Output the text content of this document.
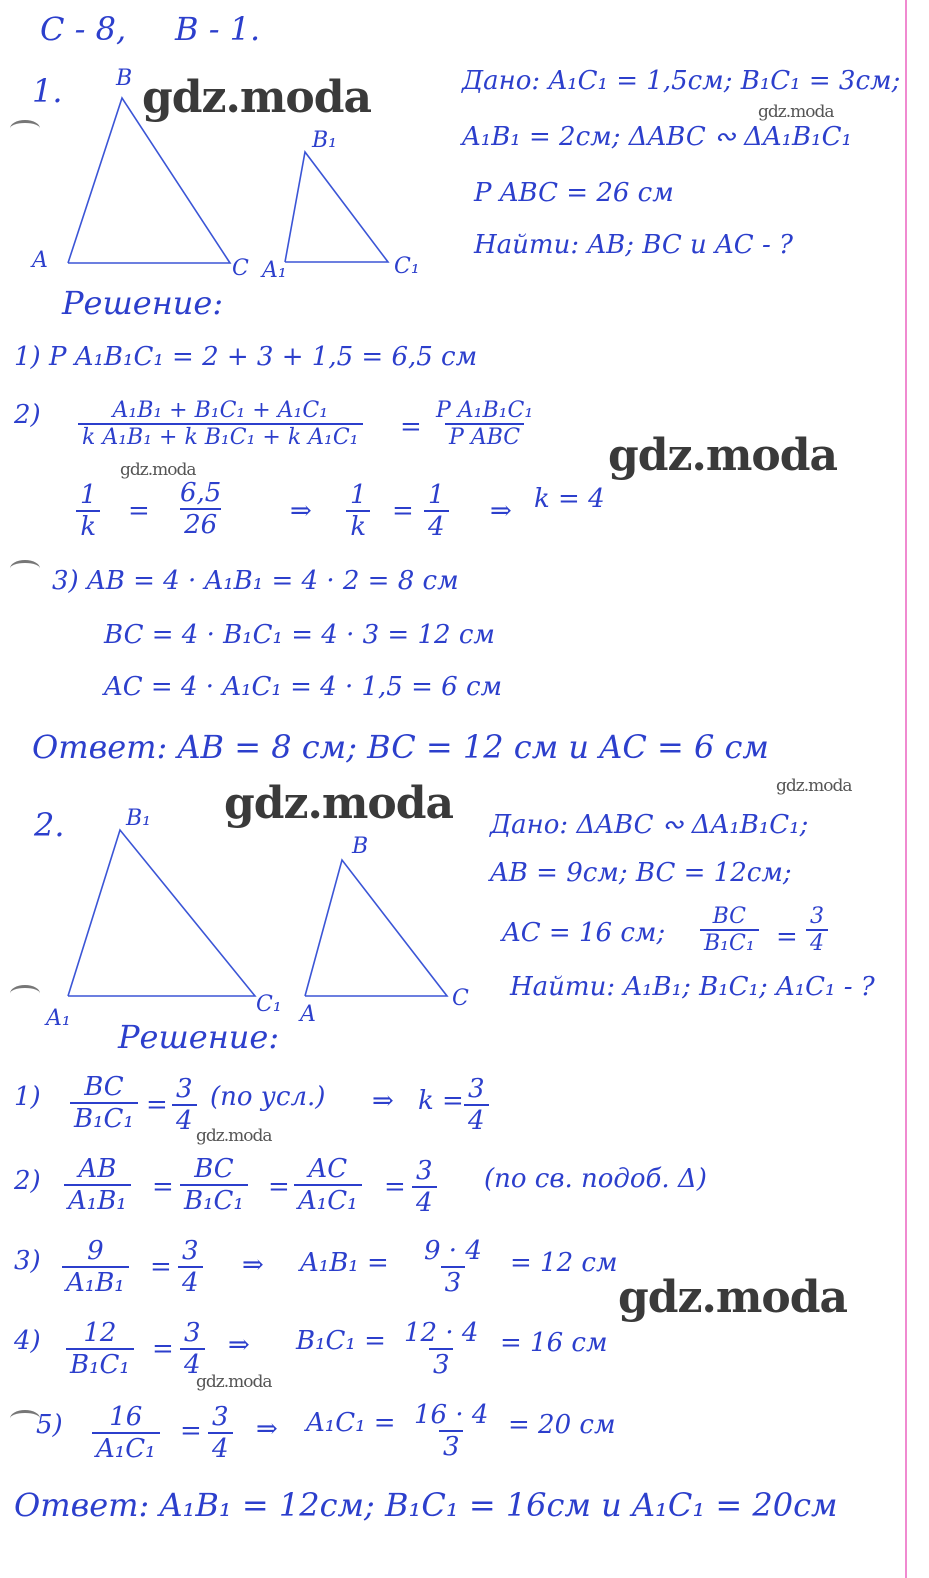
С - 8, В - 1.
1. B
A	C
B₁
A₁	C₁
Дано: A₁C₁ = 1,5см; B₁C₁ = 3см;
A₁B₁ = 2см; ΔABC ∾ ΔA₁B₁C₁
P ABC = 26 см
Найти: AB; BC и AC - ?
Решение:
1) P A₁B₁C₁ = 2 + 3 + 1,5 = 6,5 см
$2) \frac{\text{A₁B₁ + B₁C₁ + A₁C₁}}{\text{k A₁B₁ + k B₁C₁ + k A₁C₁}}$ =
P A₁B₁C₁
P ABC
$\frac{1}{k} = \frac{6,5}{26}$ ⇒ $\frac{1}{k} = \frac{1}{4}$ ⇒ k = 4
3) AB = 4 · A₁B₁ = 4 · 2 = 8 см
BC = 4 · B₁C₁ = 4 · 3 = 12 см
AC = 4 · A₁C₁ = 4 · 1,5 = 6 см
Ответ: AB = 8 см; BC = 12 см и AC = 6 см
2.	B₁
A₁
C₁
B
A
C
Дано: ΔABC ∾ ΔA₁B₁C₁;
AB = 9см; BC = 12см;
AC = 16 см; $\frac{BC}{\text{B₁C₁}} = \frac{3}{4}$
Найти: A₁B₁; B₁C₁; A₁C₁ - ?
Решение:
$1) \frac{BC}{\text{B₁C₁}} = \frac{3}{4} (по$ усл.) ⇒ $k = \frac{3}{4}$
$2) \frac{AB}{\text{A₁B₁}} = \frac{BC}{\text{B₁C₁}} = \frac{AC}{\text{A₁C₁}} = \frac{3}{4} (по$ св. подоб. Δ)
$3) \frac{9}{\text{A₁B₁}} = \frac{3}{4}$ ⇒ $A_1B_1 = \frac{9 \cdot 4}{3} = 12$ см
$4) \frac{12}{\text{B₁C₁}} = \frac{3}{4}$ ⇒ $B_1C_1 = \frac{12 \cdot 4}{3} = 16$ см
$5) \frac{16}{\text{A₁C₁}} = \frac{3}{4}$ ⇒ $A_1C_1 = \frac{16 \cdot 4}{3} = 20$ см
Ответ: A₁B₁ = 12см; B₁C₁ = 16см и A₁C₁ = 20см
gdz.moda	gdz.moda
gdz.moda
gdz.moda
gdz.moda
gdz.moda
gdz.moda
gdz.moda
gdz.moda
